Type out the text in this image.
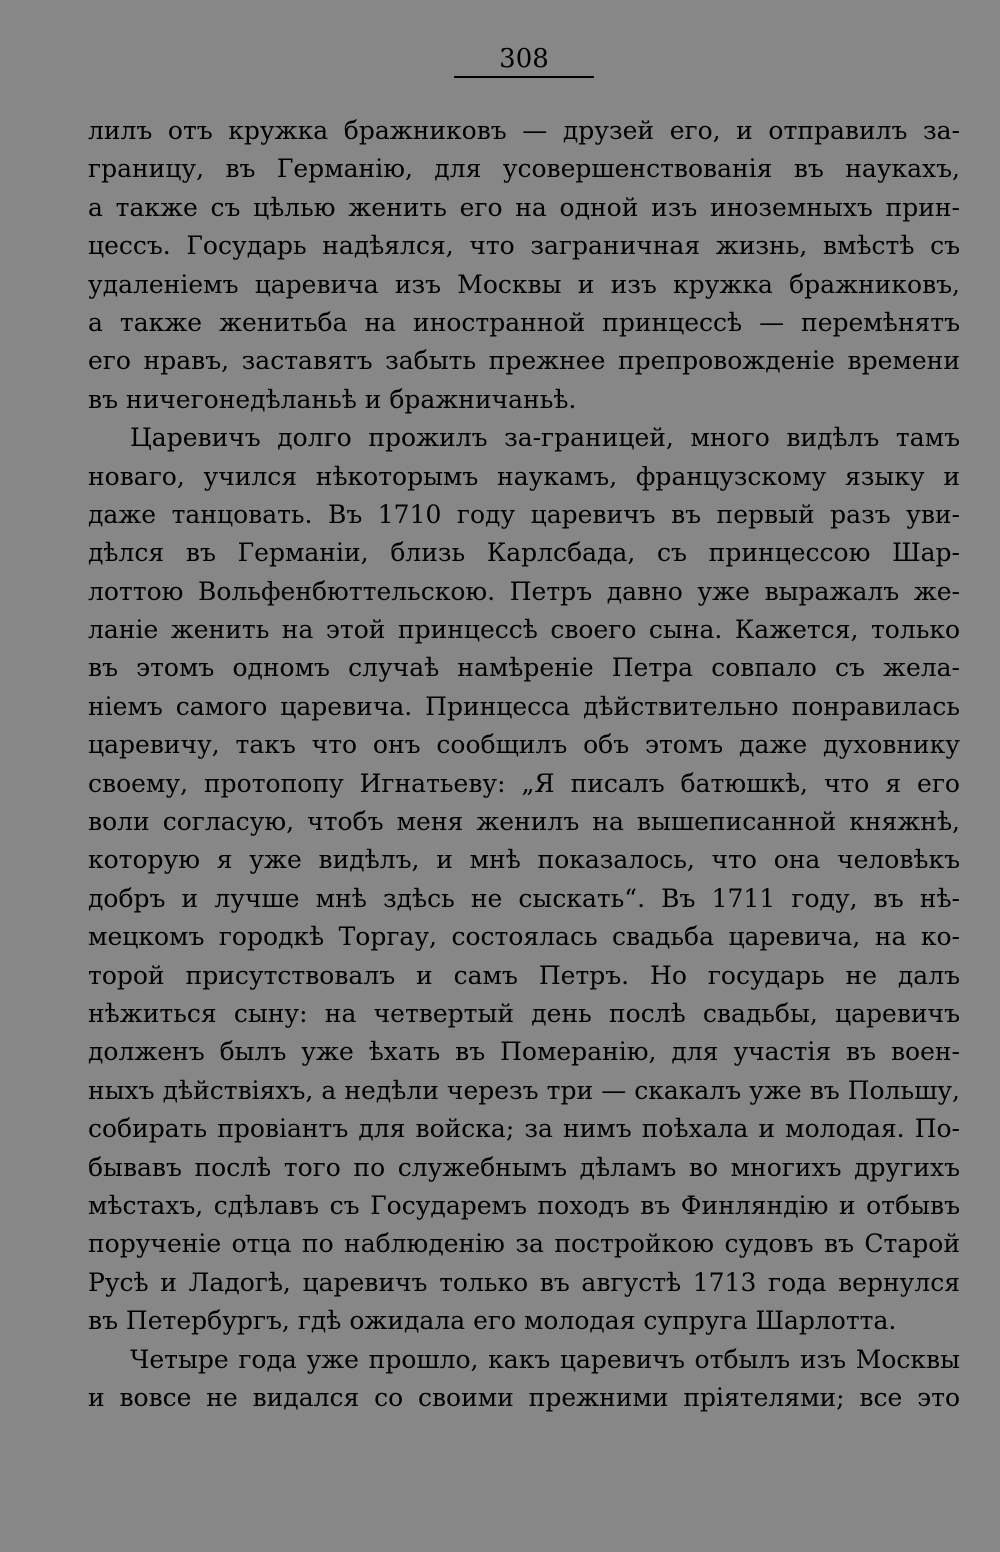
308
лилъ отъ кружка бражниковъ — друзей его, и отправилъ за-
границу, въ Германію, для усовершенствованія въ наукахъ,
а также съ цѣлью женить его на одной изъ иноземныхъ прин-
цессъ. Государь надѣялся, что заграничная жизнь, вмѣстѣ съ
удаленіемъ царевича изъ Москвы и изъ кружка бражниковъ,
а также женитьба на иностранной принцессѣ — перемѣнятъ
его нравъ, заставятъ забыть прежнее препровожденіе времени
въ ничегонедѣланьѣ и бражничаньѣ.
Царевичъ долго прожилъ за-границей, много видѣлъ тамъ
новаго, учился нѣкоторымъ наукамъ, французскому языку и
даже танцовать. Въ 1710 году царевичъ въ первый разъ уви-
дѣлся въ Германіи, близь Карлсбада, съ принцессою Шар-
лоттою Вольфенбюттельскою. Петръ давно уже выражалъ же-
ланіе женить на этой принцессѣ своего сына. Кажется, только
въ этомъ одномъ случаѣ намѣреніе Петра совпало съ жела-
ніемъ самого царевича. Принцесса дѣйствительно понравилась
царевичу, такъ что онъ сообщилъ объ этомъ даже духовнику
своему, протопопу Игнатьеву: „Я писалъ батюшкѣ, что я его
воли согласую, чтобъ меня женилъ на вышеписанной княжнѣ,
которую я уже видѣлъ, и мнѣ показалось, что она человѣкъ
добръ и лучше мнѣ здѣсь не сыскать“. Въ 1711 году, въ нѣ-
мецкомъ городкѣ Торгау, состоялась свадьба царевича, на ко-
торой присутствовалъ и самъ Петръ. Но государь не далъ
нѣжиться сыну: на четвертый день послѣ свадьбы, царевичъ
долженъ былъ уже ѣхать въ Померанію, для участія въ воен-
ныхъ дѣйствіяхъ, а недѣли черезъ три — скакалъ уже въ Польшу,
собирать провіантъ для войска; за нимъ поѣхала и молодая. По-
бывавъ послѣ того по служебнымъ дѣламъ во многихъ другихъ
мѣстахъ, сдѣлавъ съ Государемъ походъ въ Финляндію и отбывъ
порученіе отца по наблюденію за постройкою судовъ въ Старой
Русѣ и Ладогѣ, царевичъ только въ августѣ 1713 года вернулся
въ Петербургъ, гдѣ ожидала его молодая супруга Шарлотта.
Четыре года уже прошло, какъ царевичъ отбылъ изъ Москвы
и вовсе не видался со своими прежними пріятелями; все это
